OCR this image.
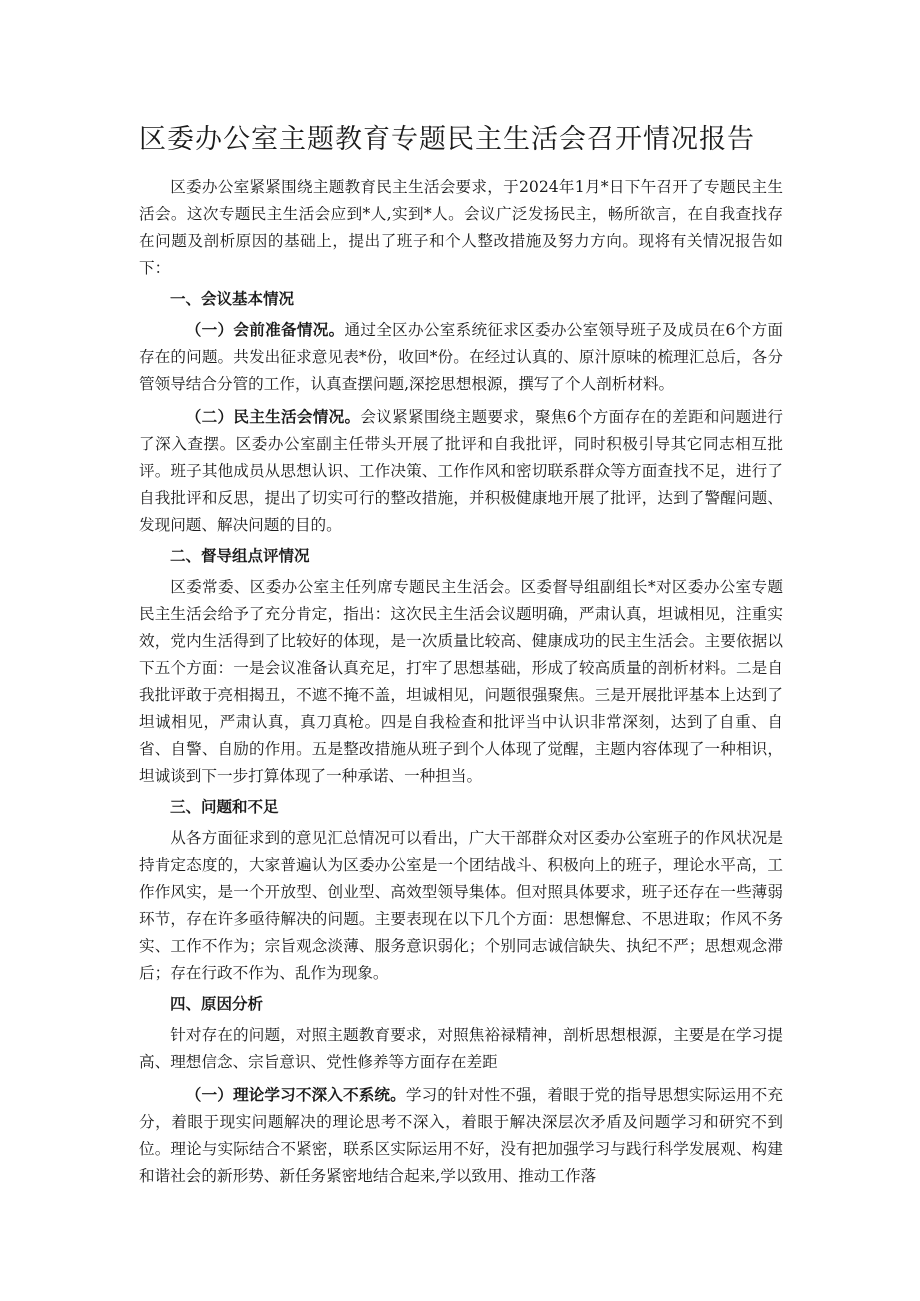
区委办公室主题教育专题民主生活会召开情况报告

区委办公室紧紧围绕主题教育民主生活会要求，于2024年1月*日下午召开了专题民主生活会。这次专题民主生活会应到*人,实到*人。会议广泛发扬民主，畅所欲言，在自我查找存在问题及剖析原因的基础上，提出了班子和个人整改措施及努力方向。现将有关情况报告如下：

一、会议基本情况

（一）会前准备情况。通过全区办公室系统征求区委办公室领导班子及成员在6个方面存在的问题。共发出征求意见表*份，收回*份。在经过认真的、原汁原味的梳理汇总后，各分管领导结合分管的工作，认真查摆问题,深挖思想根源，撰写了个人剖析材料。

（二）民主生活会情况。会议紧紧围绕主题要求，聚焦6个方面存在的差距和问题进行了深入查摆。区委办公室副主任带头开展了批评和自我批评，同时积极引导其它同志相互批评。班子其他成员从思想认识、工作决策、工作作风和密切联系群众等方面查找不足，进行了自我批评和反思，提出了切实可行的整改措施，并积极健康地开展了批评，达到了警醒问题、发现问题、解决问题的目的。

二、督导组点评情况

区委常委、区委办公室主任列席专题民主生活会。区委督导组副组长*对区委办公室专题民主生活会给予了充分肯定，指出：这次民主生活会议题明确，严肃认真，坦诚相见，注重实效，党内生活得到了比较好的体现，是一次质量比较高、健康成功的民主生活会。主要依据以下五个方面：一是会议准备认真充足，打牢了思想基础，形成了较高质量的剖析材料。二是自我批评敢于亮相揭丑，不遮不掩不盖，坦诚相见，问题很强聚焦。三是开展批评基本上达到了坦诚相见，严肃认真，真刀真枪。四是自我检查和批评当中认识非常深刻，达到了自重、自省、自警、自励的作用。五是整改措施从班子到个人体现了觉醒，主题内容体现了一种相识，坦诚谈到下一步打算体现了一种承诺、一种担当。

三、问题和不足

从各方面征求到的意见汇总情况可以看出，广大干部群众对区委办公室班子的作风状况是持肯定态度的，大家普遍认为区委办公室是一个团结战斗、积极向上的班子，理论水平高，工作作风实，是一个开放型、创业型、高效型领导集体。但对照具体要求，班子还存在一些薄弱环节，存在许多亟待解决的问题。主要表现在以下几个方面：思想懈怠、不思进取；作风不务实、工作不作为；宗旨观念淡薄、服务意识弱化；个别同志诚信缺失、执纪不严；思想观念滞后；存在行政不作为、乱作为现象。

四、原因分析

针对存在的问题，对照主题教育要求，对照焦裕禄精神，剖析思想根源，主要是在学习提高、理想信念、宗旨意识、党性修养等方面存在差距

（一）理论学习不深入不系统。学习的针对性不强，着眼于党的指导思想实际运用不充分，着眼于现实问题解决的理论思考不深入，着眼于解决深层次矛盾及问题学习和研究不到位。理论与实际结合不紧密，联系区实际运用不好，没有把加强学习与践行科学发展观、构建和谐社会的新形势、新任务紧密地结合起来,学以致用、推动工作落
